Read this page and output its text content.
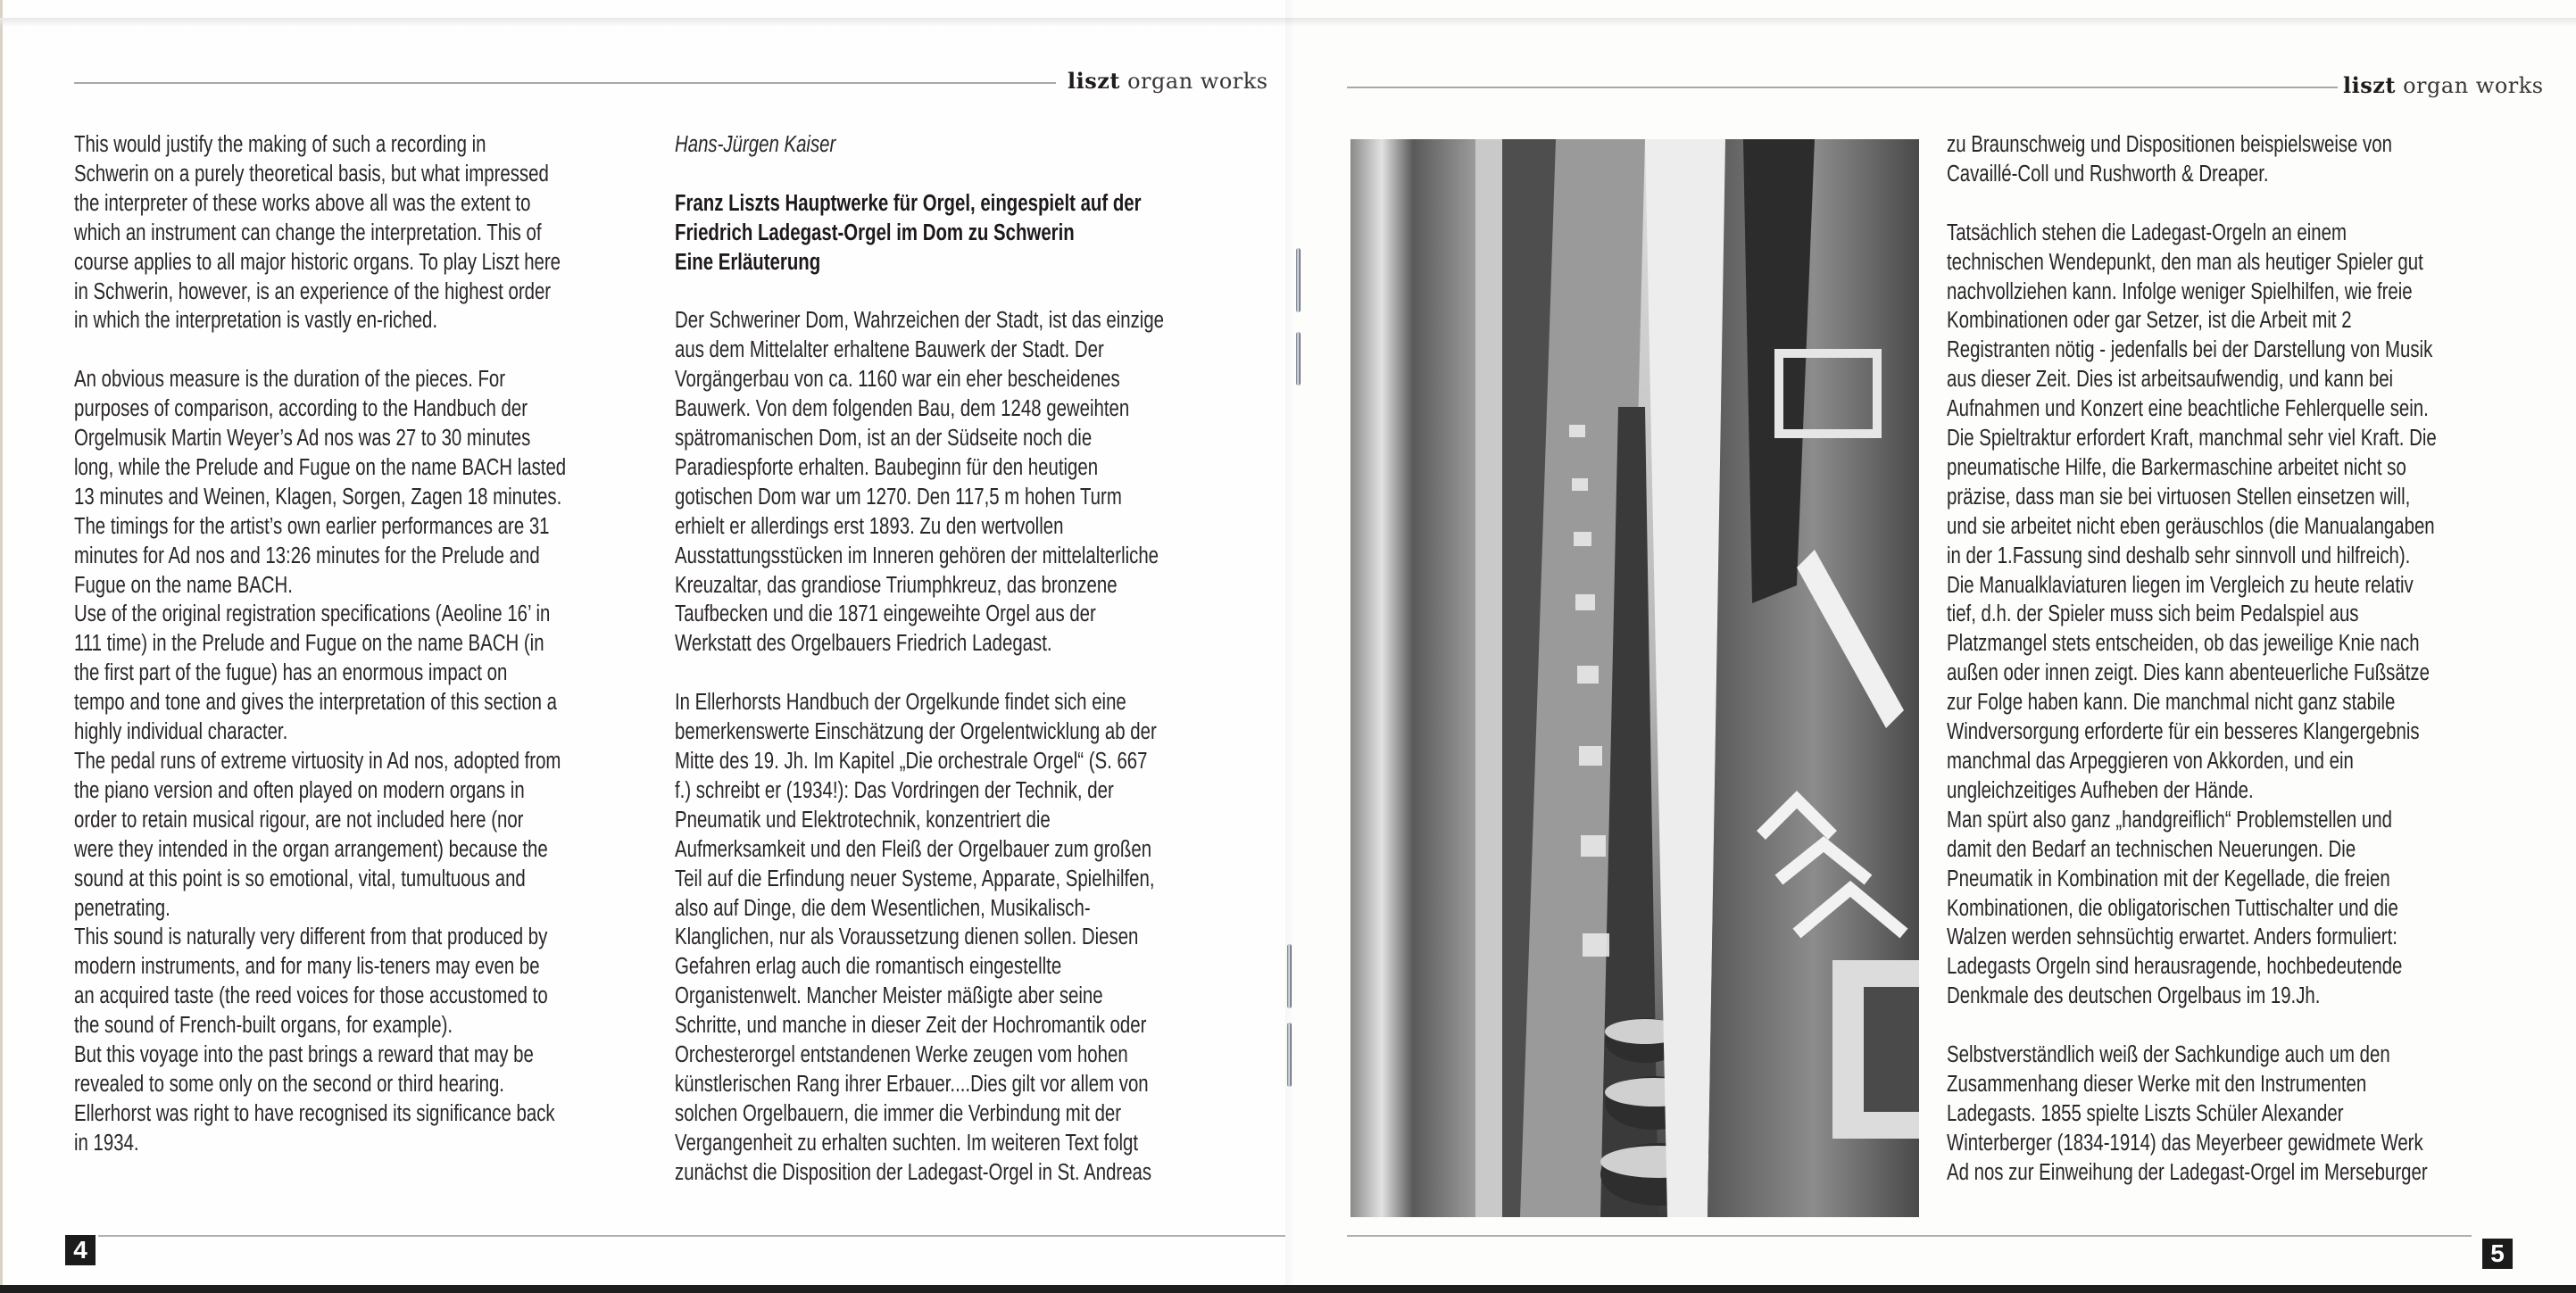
liszt organ works	liszt organ works

This would justify the making of such a recording in

Schwerin on a purely theoretical basis, but what impressed

the interpreter of these works above all was the extent to

which an instrument can change the interpretation. This of

course applies to all major historic organs. To play Liszt here

in Schwerin, however, is an experience of the highest order

in which the interpretation is vastly en-riched.

An obvious measure is the duration of the pieces. For

purposes of comparison, according to the Handbuch der

Orgelmusik Martin Weyer’s Ad nos was 27 to 30 minutes

long, while the Prelude and Fugue on the name BACH lasted

13 minutes and Weinen, Klagen, Sorgen, Zagen 18 minutes.

The timings for the artist’s own earlier performances are 31

minutes for Ad nos and 13:26 minutes for the Prelude and

Fugue on the name BACH.

Use of the original registration specifications (Aeoline 16’ in

111 time) in the Prelude and Fugue on the name BACH (in

the first part of the fugue) has an enormous impact on

tempo and tone and gives the interpretation of this section a

highly individual character.

The pedal runs of extreme virtuosity in Ad nos, adopted from

the piano version and often played on modern organs in

order to retain musical rigour, are not included here (nor

were they intended in the organ arrangement) because the

sound at this point is so emotional, vital, tumultuous and

penetrating.

This sound is naturally very different from that produced by

modern instruments, and for many lis-teners may even be

an acquired taste (the reed voices for those accustomed to

the sound of French-built organs, for example).

But this voyage into the past brings a reward that may be

revealed to some only on the second or third hearing.

Ellerhorst was right to have recognised its significance back

in 1934.

Hans-Jürgen Kaiser

Franz Liszts Hauptwerke für Orgel, eingespielt auf der

Friedrich Ladegast-Orgel im Dom zu Schwerin

Eine Erläuterung

Der Schweriner Dom, Wahrzeichen der Stadt, ist das einzige

aus dem Mittelalter erhaltene Bauwerk der Stadt. Der

Vorgängerbau von ca. 1160 war ein eher bescheidenes

Bauwerk. Von dem folgenden Bau, dem 1248 geweihten

spätromanischen Dom, ist an der Südseite noch die

Paradiespforte erhalten. Baubeginn für den heutigen

gotischen Dom war um 1270. Den 117,5 m hohen Turm

erhielt er allerdings erst 1893. Zu den wertvollen

Ausstattungsstücken im Inneren gehören der mittelalterliche

Kreuzaltar, das grandiose Triumphkreuz, das bronzene

Taufbecken und die 1871 eingeweihte Orgel aus der

Werkstatt des Orgelbauers Friedrich Ladegast.

In Ellerhorsts Handbuch der Orgelkunde findet sich eine

bemerkenswerte Einschätzung der Orgelentwicklung ab der

Mitte des 19. Jh. Im Kapitel „Die orchestrale Orgel“ (S. 667

f.) schreibt er (1934!): Das Vordringen der Technik, der

Pneumatik und Elektrotechnik, konzentriert die

Aufmerksamkeit und den Fleiß der Orgelbauer zum großen

Teil auf die Erfindung neuer Systeme, Apparate, Spielhilfen,

also auf Dinge, die dem Wesentlichen, Musikalisch-

Klanglichen, nur als Voraussetzung dienen sollen. Diesen

Gefahren erlag auch die romantisch eingestellte

Organistenwelt. Mancher Meister mäßigte aber seine

Schritte, und manche in dieser Zeit der Hochromantik oder

Orchesterorgel entstandenen Werke zeugen vom hohen

künstlerischen Rang ihrer Erbauer....Dies gilt vor allem von

solchen Orgelbauern, die immer die Verbindung mit der

Vergangenheit zu erhalten suchten. Im weiteren Text folgt

zunächst die Disposition der Ladegast-Orgel in St. Andreas

zu Braunschweig und Dispositionen beispielsweise von

Cavaillé-Coll und Rushworth & Dreaper.

Tatsächlich stehen die Ladegast-Orgeln an einem

technischen Wendepunkt, den man als heutiger Spieler gut

nachvollziehen kann. Infolge weniger Spielhilfen, wie freie

Kombinationen oder gar Setzer, ist die Arbeit mit 2

Registranten nötig - jedenfalls bei der Darstellung von Musik

aus dieser Zeit. Dies ist arbeitsaufwendig, und kann bei

Aufnahmen und Konzert eine beachtliche Fehlerquelle sein.

Die Spieltraktur erfordert Kraft, manchmal sehr viel Kraft. Die

pneumatische Hilfe, die Barkermaschine arbeitet nicht so

präzise, dass man sie bei virtuosen Stellen einsetzen will,

und sie arbeitet nicht eben geräuschlos (die Manualangaben

in der 1.Fassung sind deshalb sehr sinnvoll und hilfreich).

Die Manualklaviaturen liegen im Vergleich zu heute relativ

tief, d.h. der Spieler muss sich beim Pedalspiel aus

Platzmangel stets entscheiden, ob das jeweilige Knie nach

außen oder innen zeigt. Dies kann abenteuerliche Fußsätze

zur Folge haben kann. Die manchmal nicht ganz stabile

Windversorgung erforderte für ein besseres Klangergebnis

manchmal das Arpeggieren von Akkorden, und ein

ungleichzeitiges Aufheben der Hände.

Man spürt also ganz „handgreiflich“ Problemstellen und

damit den Bedarf an technischen Neuerungen. Die

Pneumatik in Kombination mit der Kegellade, die freien

Kombinationen, die obligatorischen Tuttischalter und die

Walzen werden sehnsüchtig erwartet. Anders formuliert:

Ladegasts Orgeln sind herausragende, hochbedeutende

Denkmale des deutschen Orgelbaus im 19.Jh.

Selbstverständlich weiß der Sachkundige auch um den

Zusammenhang dieser Werke mit den Instrumenten

Ladegasts. 1855 spielte Liszts Schüler Alexander

Winterberger (1834-1914) das Meyerbeer gewidmete Werk

Ad nos zur Einweihung der Ladegast-Orgel im Merseburger

4	5
